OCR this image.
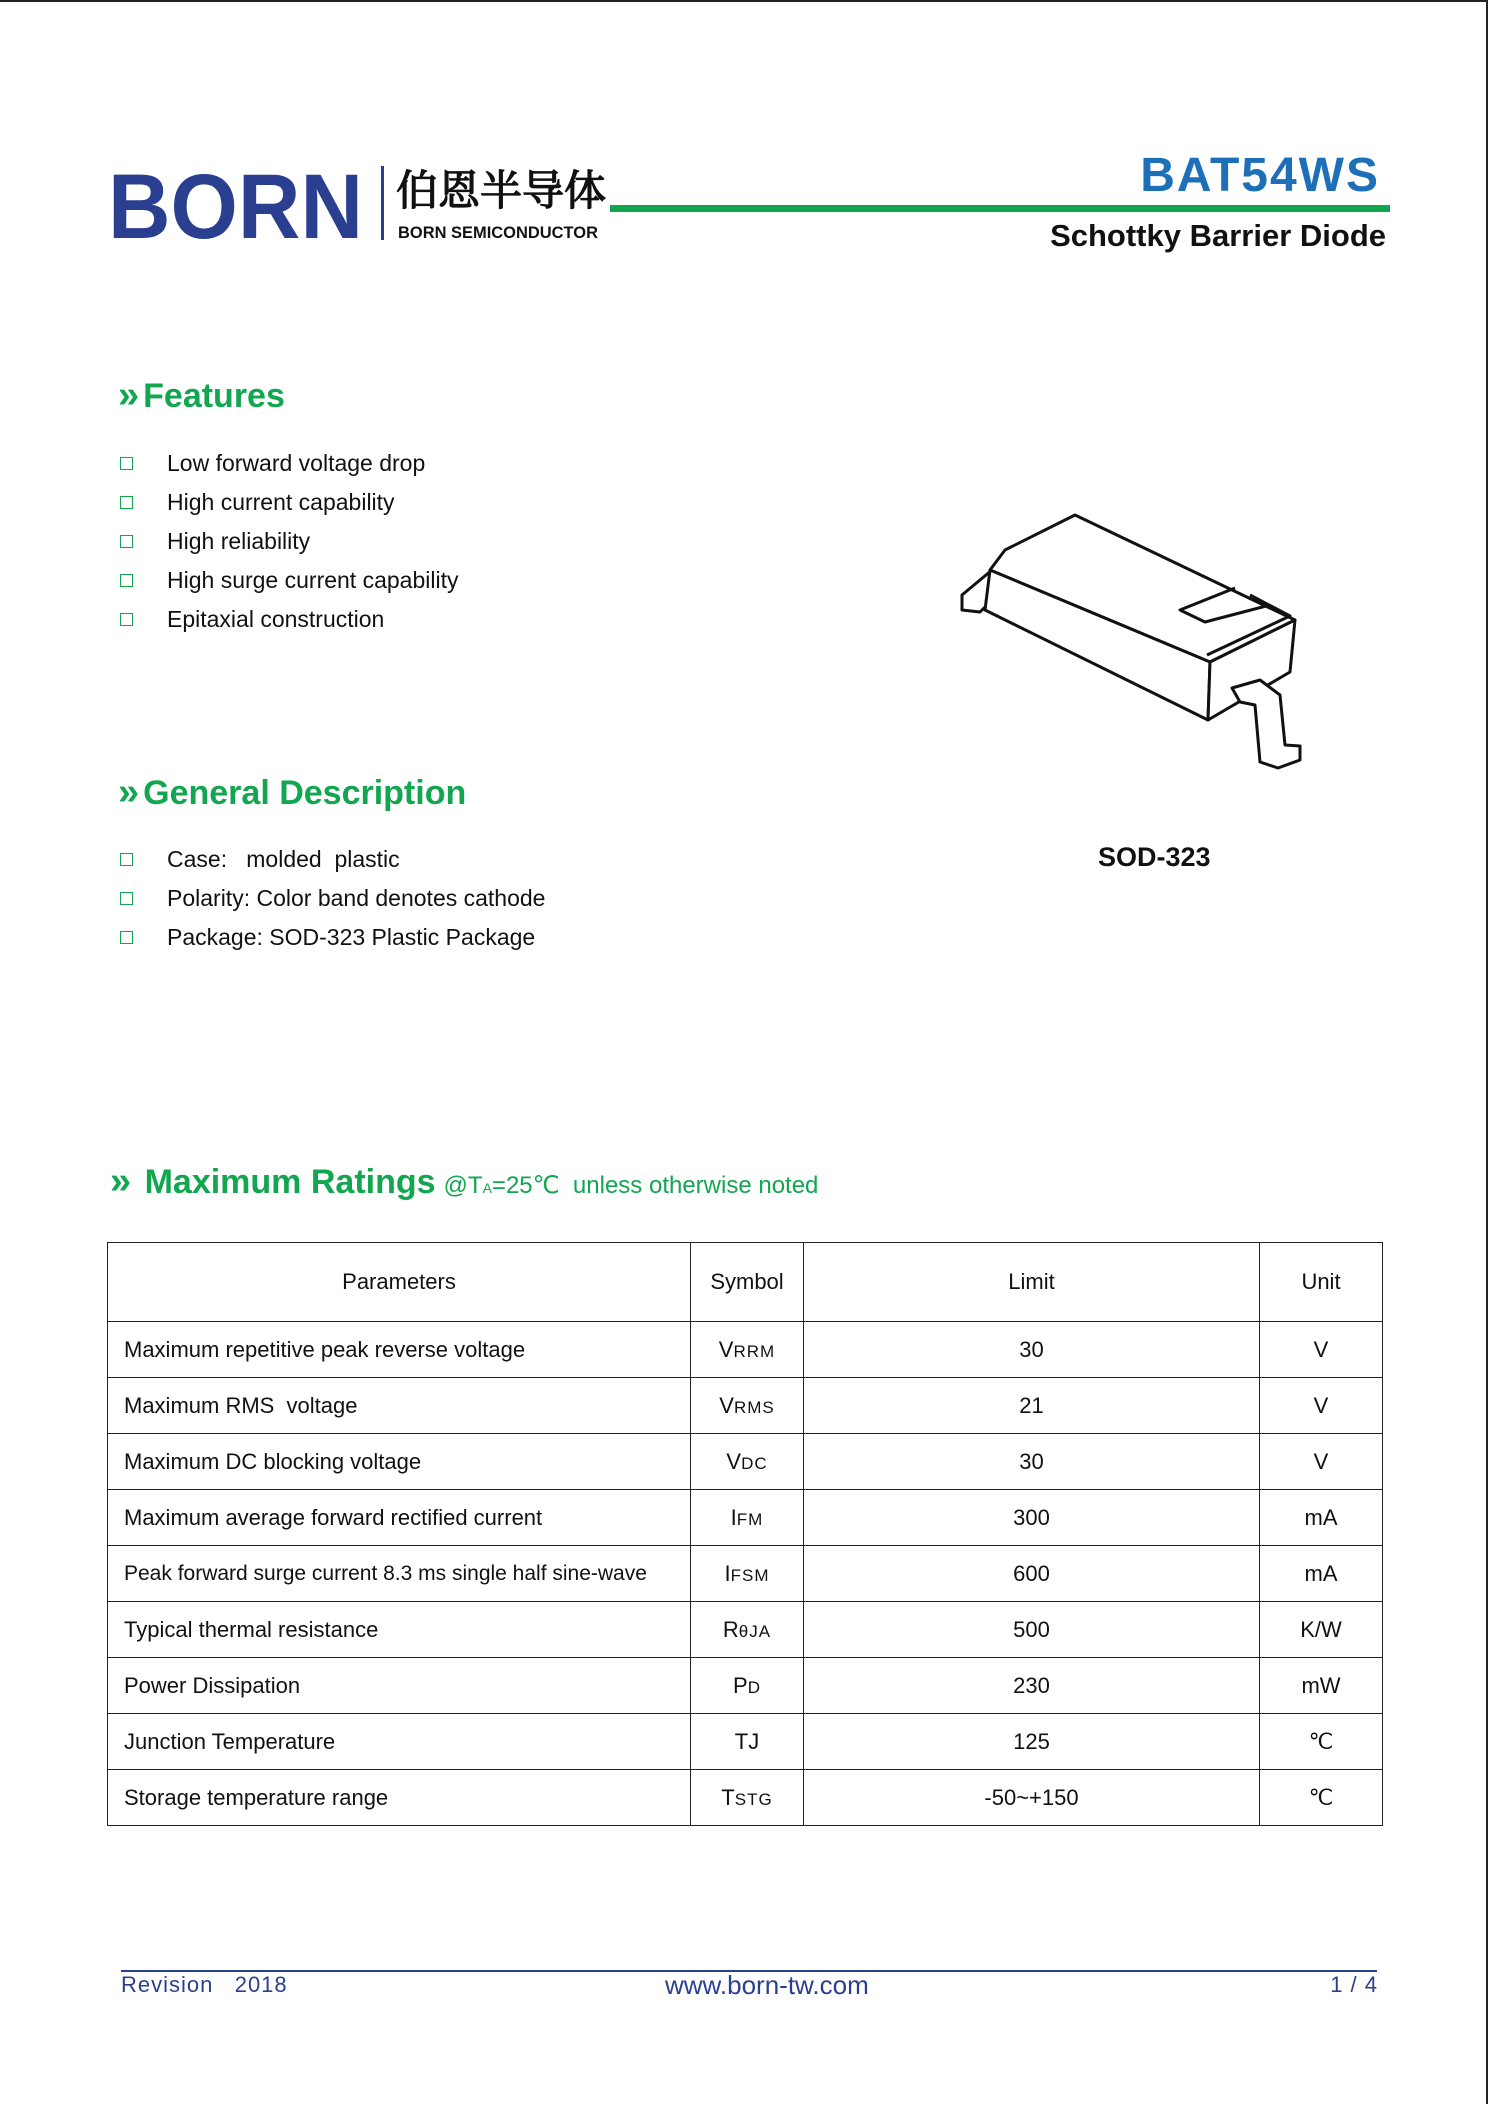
BORN 伯恩半导体
BORN SEMICONDUCTOR
BAT54WS
Schottky Barrier Diode
» Features
Low forward voltage drop
High current capability
High reliability
High surge current capability
Epitaxial construction
SOD-323
» General Description
Case:   molded  plastic
Polarity: Color band denotes cathode
Package: SOD-323 Plastic Package
» Maximum Ratings @TA=25℃  unless otherwise noted
Parameters	Symbol	Limit	Unit
Maximum repetitive peak reverse voltage	VRRM	30	V
Maximum RMS  voltage	VRMS	21	V
Maximum DC blocking voltage	VDC	30	V
Maximum average forward rectified current	IFM	300	mA
Peak forward surge current 8.3 ms single half sine-wave	IFSM	600	mA
Typical thermal resistance	RθJA	500	K/W
Power Dissipation	PD	230	mW
Junction Temperature	TJ	125	℃
Storage temperature range	TSTG	-50~+150	℃
Revision   2018	www.born-tw.com	1 / 4
